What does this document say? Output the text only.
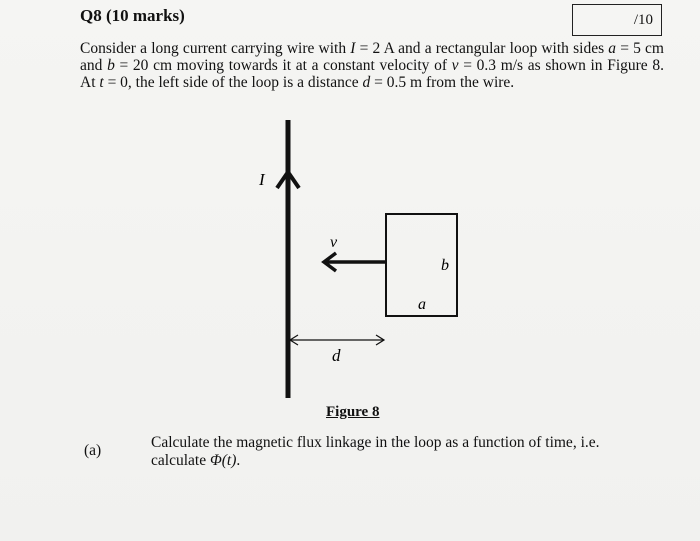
Q8 (10 marks)	/10
Consider a long current carrying wire with I = 2 A and a rectangular loop with sides a = 5 cm and b = 20 cm moving towards it at a constant velocity of v = 0.3 m/s as shown in Figure 8. At t = 0, the left side of the loop is a distance d = 0.5 m from the wire.
I
v
b
a
d
Figure 8
(a)	Calculate the magnetic flux linkage in the loop as a function of time, i.e.
calculate Φ(t).
